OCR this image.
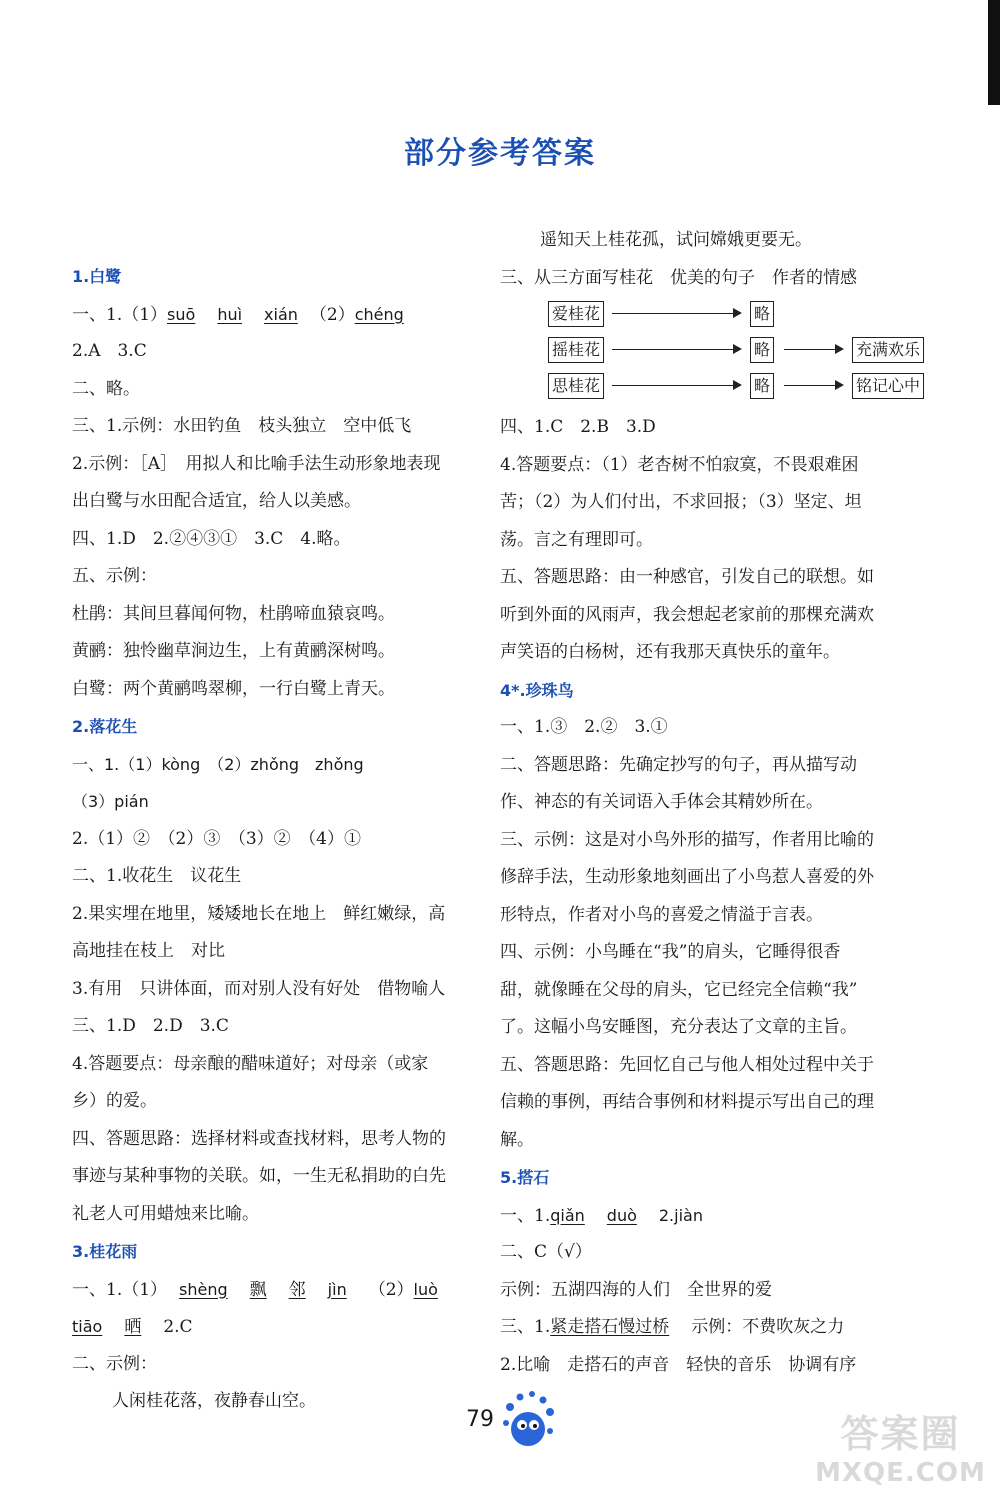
部分参考答案
1.白鹭
一、1.（1）suō huì xián （2）chéng
2.A　3.C
二、略。
三、1.示例：水田钓鱼　枝头独立　空中低飞
2.示例：［A］　用拟人和比喻手法生动形象地表现
出白鹭与水田配合适宜，给人以美感。
四、1.D　2.②④③①　3.C　4.略。
五、示例：
杜鹃：其间旦暮闻何物，杜鹃啼血猿哀鸣。
黄鹂：独怜幽草涧边生，上有黄鹂深树鸣。
白鹭：两个黄鹂鸣翠柳，一行白鹭上青天。
2.落花生
一、1.（1）kòng　（2）zhǒng　zhǒng
（3）pián
2.（1）②　（2）③　（3）②　（4）①
二、1.收花生　议花生
2.果实埋在地里，矮矮地长在地上　鲜红嫩绿，高
高地挂在枝上　对比
3.有用　只讲体面，而对别人没有好处　借物喻人
三、1.D　2.D　3.C
4.答题要点：母亲酿的醋味道好；对母亲（或家
乡）的爱。
四、答题思路：选择材料或查找材料，思考人物的
事迹与某种事物的关联。如，一生无私捐助的白先
礼老人可用蜡烛来比喻。
3.桂花雨
一、1.（1） shèng 飘 邻 jìn （2）luò
tiāo 晒 2.C
二、示例：
人闲桂花落，夜静春山空。
遥知天上桂花孤，试问嫦娥更要无。
三、从三方面写桂花　优美的句子　作者的情感
爱桂花	略
摇桂花	略	充满欢乐
思桂花	略	铭记心中
四、1.C　2.B　3.D
4.答题要点：（1）老杏树不怕寂寞，不畏艰难困
苦；（2）为人们付出，不求回报；（3）坚定、坦
荡。言之有理即可。
五、答题思路：由一种感官，引发自己的联想。如
听到外面的风雨声，我会想起老家前的那棵充满欢
声笑语的白杨树，还有我那天真快乐的童年。
4*.珍珠鸟
一、1.③　2.②　3.①
二、答题思路：先确定抄写的句子，再从描写动
作、神态的有关词语入手体会其精妙所在。
三、示例：这是对小鸟外形的描写，作者用比喻的
修辞手法，生动形象地刻画出了小鸟惹人喜爱的外
形特点，作者对小鸟的喜爱之情溢于言表。
四、示例：小鸟睡在“我”的肩头，它睡得很香
甜，就像睡在父母的肩头，它已经完全信赖“我”
了。这幅小鸟安睡图，充分表达了文章的主旨。
五、答题思路：先回忆自己与他人相处过程中关于
信赖的事例，再结合事例和材料提示写出自己的理
解。
5.搭石
一、1.qiǎn duò 2.jiàn
二、C（√）
示例：五湖四海的人们　全世界的爱
三、1.紧走搭石慢过桥 示例：不费吹灰之力
2.比喻　走搭石的声音　轻快的音乐　协调有序
79	答案圈
MXQE.COM
